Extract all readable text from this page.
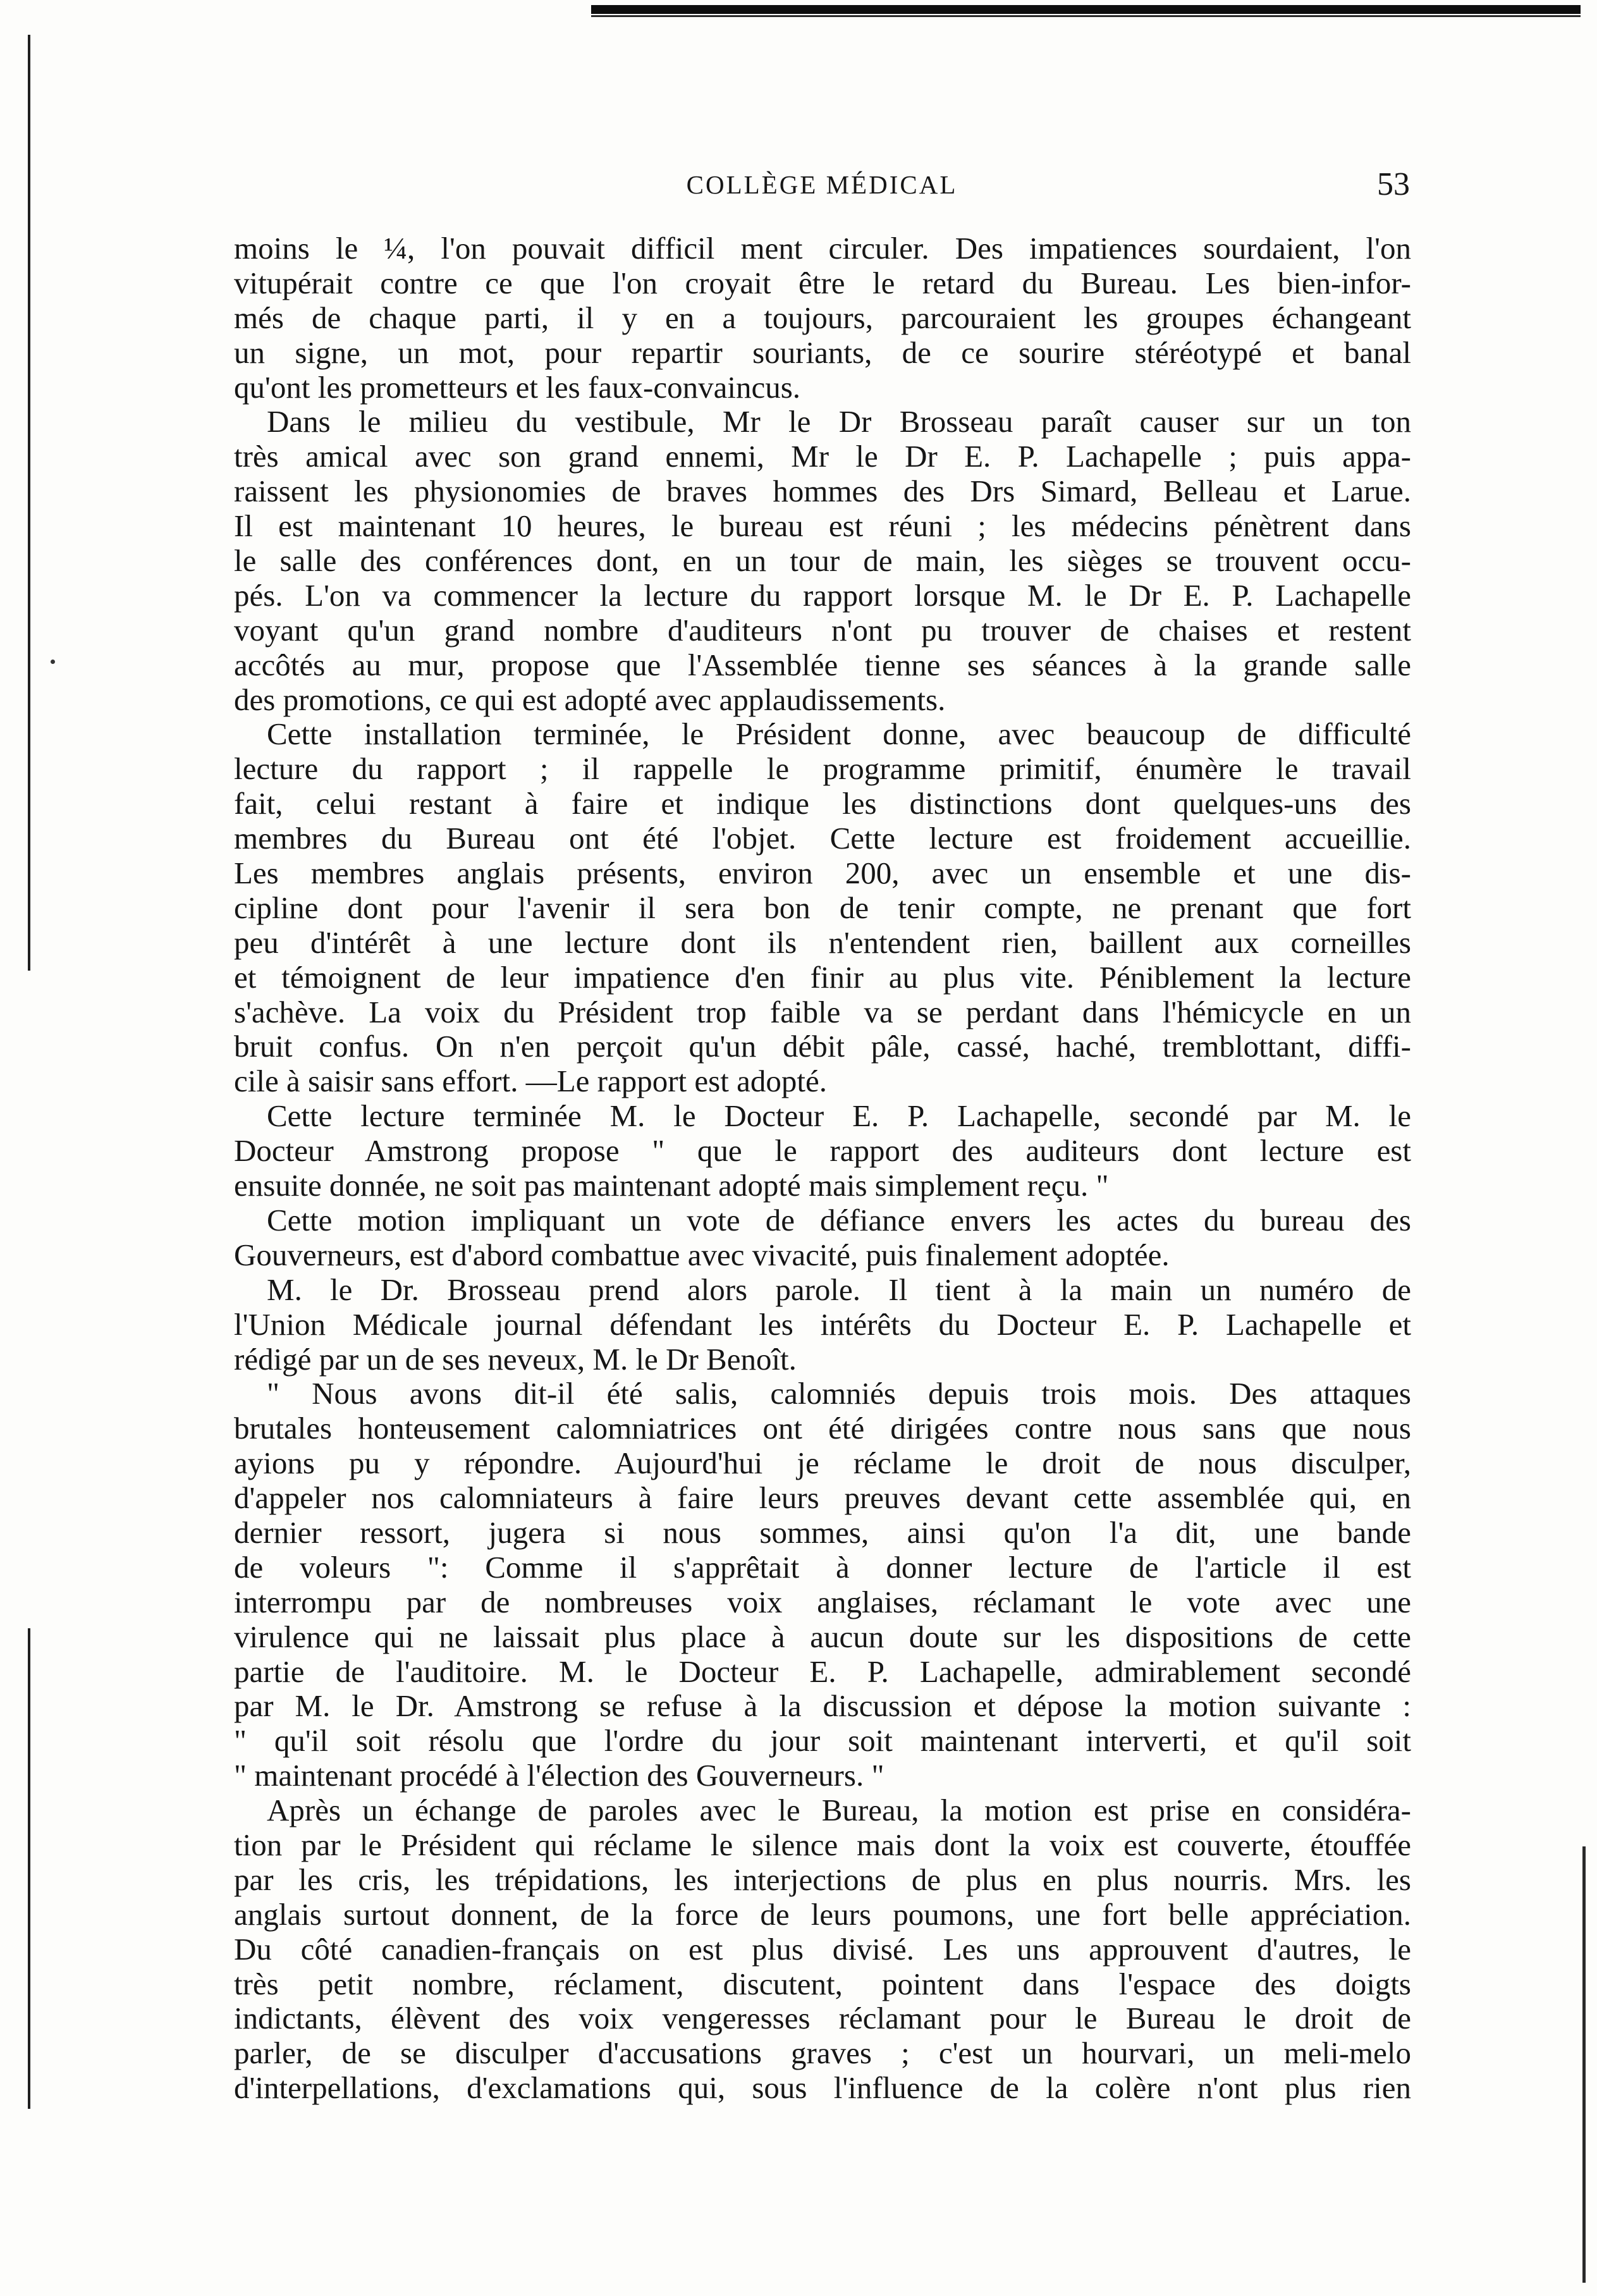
COLLÈGE MÉDICAL	53
moins le ¼, l'on pouvait difficil ment circuler. Des impatiences sourdaient, l'on
vitupérait contre ce que l'on croyait être le retard du Bureau. Les bien-infor-
més de chaque parti, il y en a toujours, parcouraient les groupes échangeant
un signe, un mot, pour repartir souriants, de ce sourire stéréotypé et banal
qu'ont les prometteurs et les faux-convaincus.
Dans le milieu du vestibule, Mr le Dr Brosseau paraît causer sur un ton
très amical avec son grand ennemi, Mr le Dr E. P. Lachapelle ; puis appa-
raissent les physionomies de braves hommes des Drs Simard, Belleau et Larue.
Il est maintenant 10 heures, le bureau est réuni ; les médecins pénètrent dans
le salle des conférences dont, en un tour de main, les sièges se trouvent occu-
pés. L'on va commencer la lecture du rapport lorsque M. le Dr E. P. Lachapelle
voyant qu'un grand nombre d'auditeurs n'ont pu trouver de chaises et restent
accôtés au mur, propose que l'Assemblée tienne ses séances à la grande salle
des promotions, ce qui est adopté avec applaudissements.
Cette installation terminée, le Président donne, avec beaucoup de difficulté
lecture du rapport ; il rappelle le programme primitif, énumère le travail
fait, celui restant à faire et indique les distinctions dont quelques-uns des
membres du Bureau ont été l'objet. Cette lecture est froidement accueillie.
Les membres anglais présents, environ 200, avec un ensemble et une dis-
cipline dont pour l'avenir il sera bon de tenir compte, ne prenant que fort
peu d'intérêt à une lecture dont ils n'entendent rien, baillent aux corneilles
et témoignent de leur impatience d'en finir au plus vite. Péniblement la lecture
s'achève. La voix du Président trop faible va se perdant dans l'hémicycle en un
bruit confus. On n'en perçoit qu'un débit pâle, cassé, haché, tremblottant, diffi-
cile à saisir sans effort. —Le rapport est adopté.
Cette lecture terminée M. le Docteur E. P. Lachapelle, secondé par M. le
Docteur Amstrong propose " que le rapport des auditeurs dont lecture est
ensuite donnée, ne soit pas maintenant adopté mais simplement reçu. "
Cette motion impliquant un vote de défiance envers les actes du bureau des
Gouverneurs, est d'abord combattue avec vivacité, puis finalement adoptée.
M. le Dr. Brosseau prend alors parole. Il tient à la main un numéro de
l'Union Médicale journal défendant les intérêts du Docteur E. P. Lachapelle et
rédigé par un de ses neveux, M. le Dr Benoît.
" Nous avons dit-il été salis, calomniés depuis trois mois. Des attaques
brutales honteusement calomniatrices ont été dirigées contre nous sans que nous
ayions pu y répondre. Aujourd'hui je réclame le droit de nous disculper,
d'appeler nos calomniateurs à faire leurs preuves devant cette assemblée qui, en
dernier ressort, jugera si nous sommes, ainsi qu'on l'a dit, une bande
de voleurs ": Comme il s'apprêtait à donner lecture de l'article il est
interrompu par de nombreuses voix anglaises, réclamant le vote avec une
virulence qui ne laissait plus place à aucun doute sur les dispositions de cette
partie de l'auditoire. M. le Docteur E. P. Lachapelle, admirablement secondé
par M. le Dr. Amstrong se refuse à la discussion et dépose la motion suivante :
" qu'il soit résolu que l'ordre du jour soit maintenant interverti, et qu'il soit
" maintenant procédé à l'élection des Gouverneurs. "
Après un échange de paroles avec le Bureau, la motion est prise en considéra-
tion par le Président qui réclame le silence mais dont la voix est couverte, étouffée
par les cris, les trépidations, les interjections de plus en plus nourris. Mrs. les
anglais surtout donnent, de la force de leurs poumons, une fort belle appréciation.
Du côté canadien-français on est plus divisé. Les uns approuvent d'autres, le
très petit nombre, réclament, discutent, pointent dans l'espace des doigts
indictants, élèvent des voix vengeresses réclamant pour le Bureau le droit de
parler, de se disculper d'accusations graves ; c'est un hourvari, un meli-melo
d'interpellations, d'exclamations qui, sous l'influence de la colère n'ont plus rien
